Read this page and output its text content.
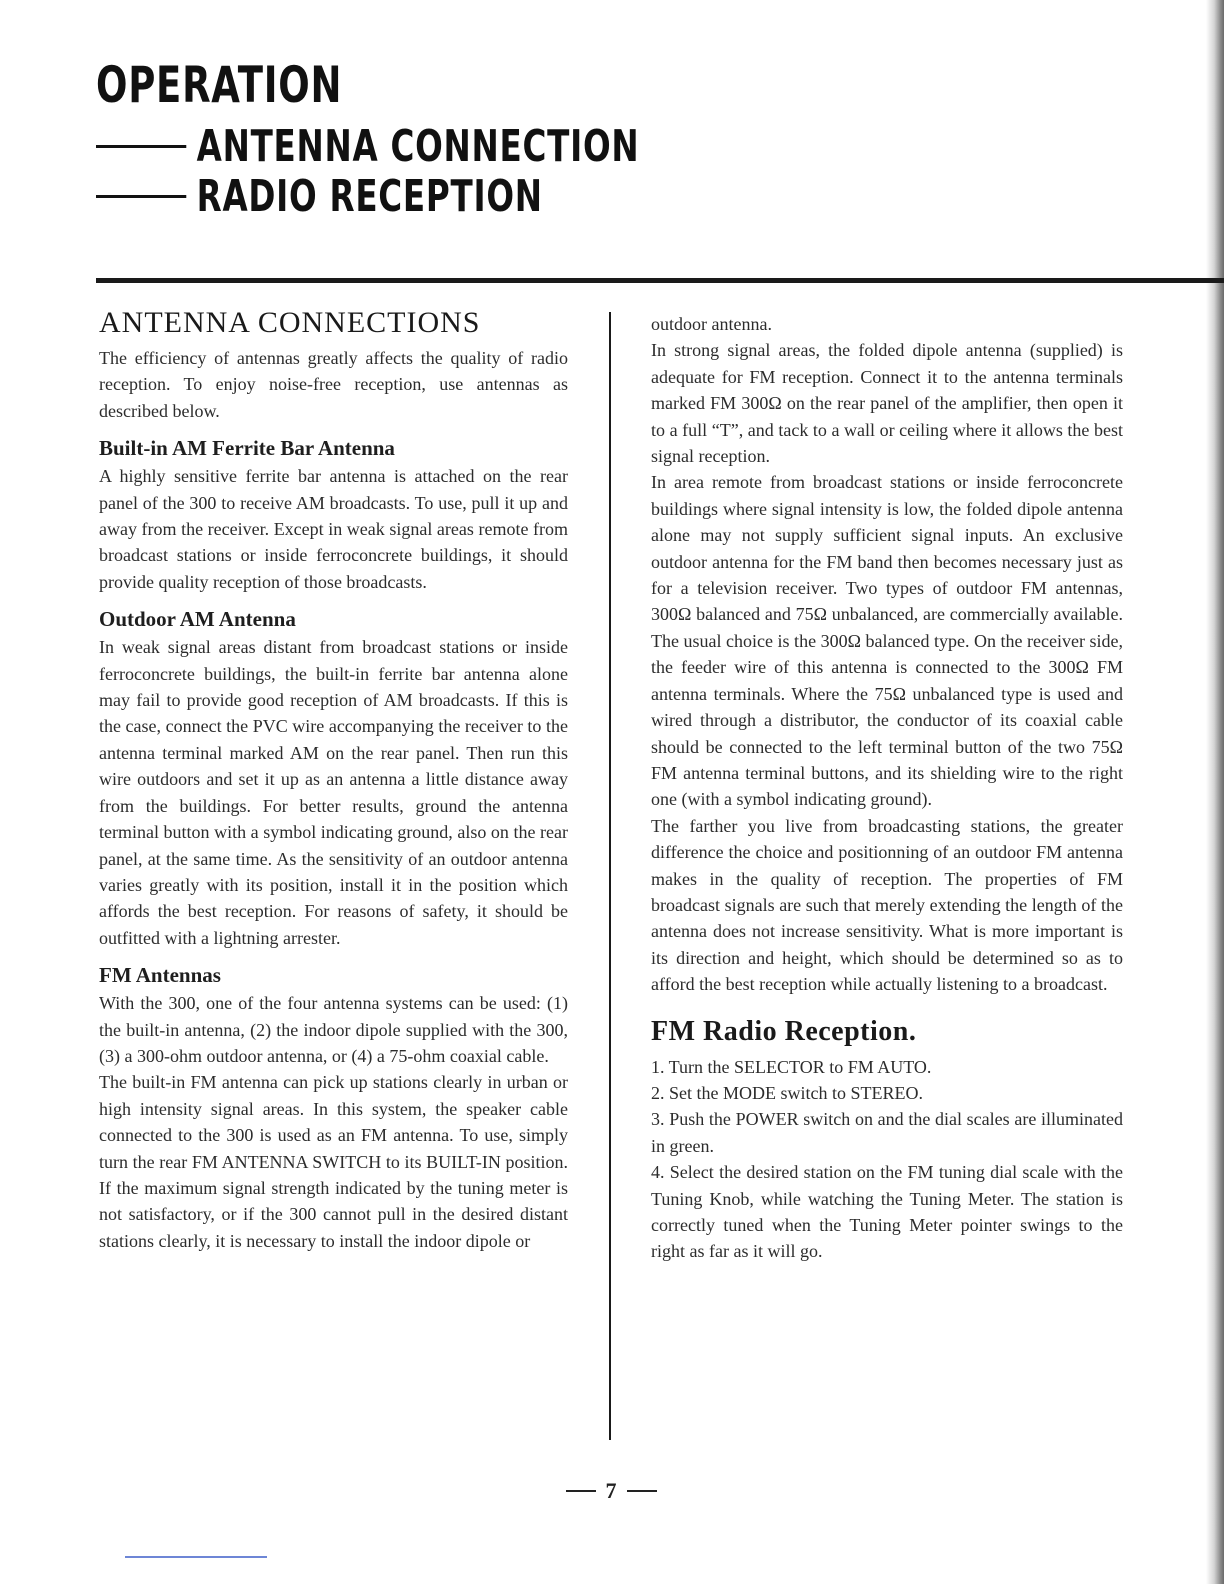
OPERATION
ANTENNA CONNECTION
RADIO RECEPTION
ANTENNA CONNECTIONS

The efficiency of antennas greatly affects the quality of radio reception. To enjoy noise-free reception, use antennas as described below.

Built-in AM Ferrite Bar Antenna

A highly sensitive ferrite bar antenna is attached on the rear panel of the 300 to receive AM broadcasts. To use, pull it up and away from the receiver. Except in weak signal areas remote from broadcast stations or inside ferroconcrete buildings, it should provide quality reception of those broadcasts.

Outdoor AM Antenna

In weak signal areas distant from broadcast stations or inside ferroconcrete buildings, the built-in ferrite bar antenna alone may fail to provide good reception of AM broadcasts. If this is the case, connect the PVC wire accompanying the receiver to the antenna terminal marked AM on the rear panel. Then run this wire outdoors and set it up as an antenna a little distance away from the buildings. For better results, ground the antenna terminal button with a symbol indicating ground, also on the rear panel, at the same time. As the sensitivity of an outdoor antenna varies greatly with its position, install it in the position which affords the best reception. For reasons of safety, it should be outfitted with a lightning arrester.

FM Antennas

With the 300, one of the four antenna systems can be used: (1) the built-in antenna, (2) the indoor dipole supplied with the 300, (3) a 300-ohm outdoor antenna, or (4) a 75-ohm coaxial cable.

The built-in FM antenna can pick up stations clearly in urban or high intensity signal areas. In this system, the speaker cable connected to the 300 is used as an FM antenna. To use, simply turn the rear FM ANTENNA SWITCH to its BUILT-IN position. If the maximum signal strength indicated by the tuning meter is not satisfactory, or if the 300 cannot pull in the desired distant stations clearly, it is necessary to install the indoor dipole or

outdoor antenna.

In strong signal areas, the folded dipole antenna (supplied) is adequate for FM reception. Connect it to the antenna terminals marked FM 300Ω on the rear panel of the amplifier, then open it to a full “T”, and tack to a wall or ceiling where it allows the best signal reception.

In area remote from broadcast stations or inside ferroconcrete buildings where signal intensity is low, the folded dipole antenna alone may not supply sufficient signal inputs. An exclusive outdoor antenna for the FM band then becomes necessary just as for a television receiver. Two types of outdoor FM antennas, 300Ω balanced and 75Ω unbalanced, are commercially available. The usual choice is the 300Ω balanced type. On the receiver side, the feeder wire of this antenna is connected to the 300Ω FM antenna terminals. Where the 75Ω unbalanced type is used and wired through a distributor, the conductor of its coaxial cable should be connected to the left terminal button of the two 75Ω FM antenna terminal buttons, and its shielding wire to the right one (with a symbol indicating ground).

The farther you live from broadcasting stations, the greater difference the choice and positionning of an outdoor FM antenna makes in the quality of reception. The properties of FM broadcast signals are such that merely extending the length of the antenna does not increase sensitivity. What is more important is its direction and height, which should be determined so as to afford the best reception while actually listening to a broadcast.

FM Radio Reception.
1. Turn the SELECTOR to FM AUTO.
2. Set the MODE switch to STEREO.
3. Push the POWER switch on and the dial scales are illuminated in green.
4. Select the desired station on the FM tuning dial scale with the Tuning Knob, while watching the Tuning Meter. The station is correctly tuned when the Tuning Meter pointer swings to the right as far as it will go.
7
